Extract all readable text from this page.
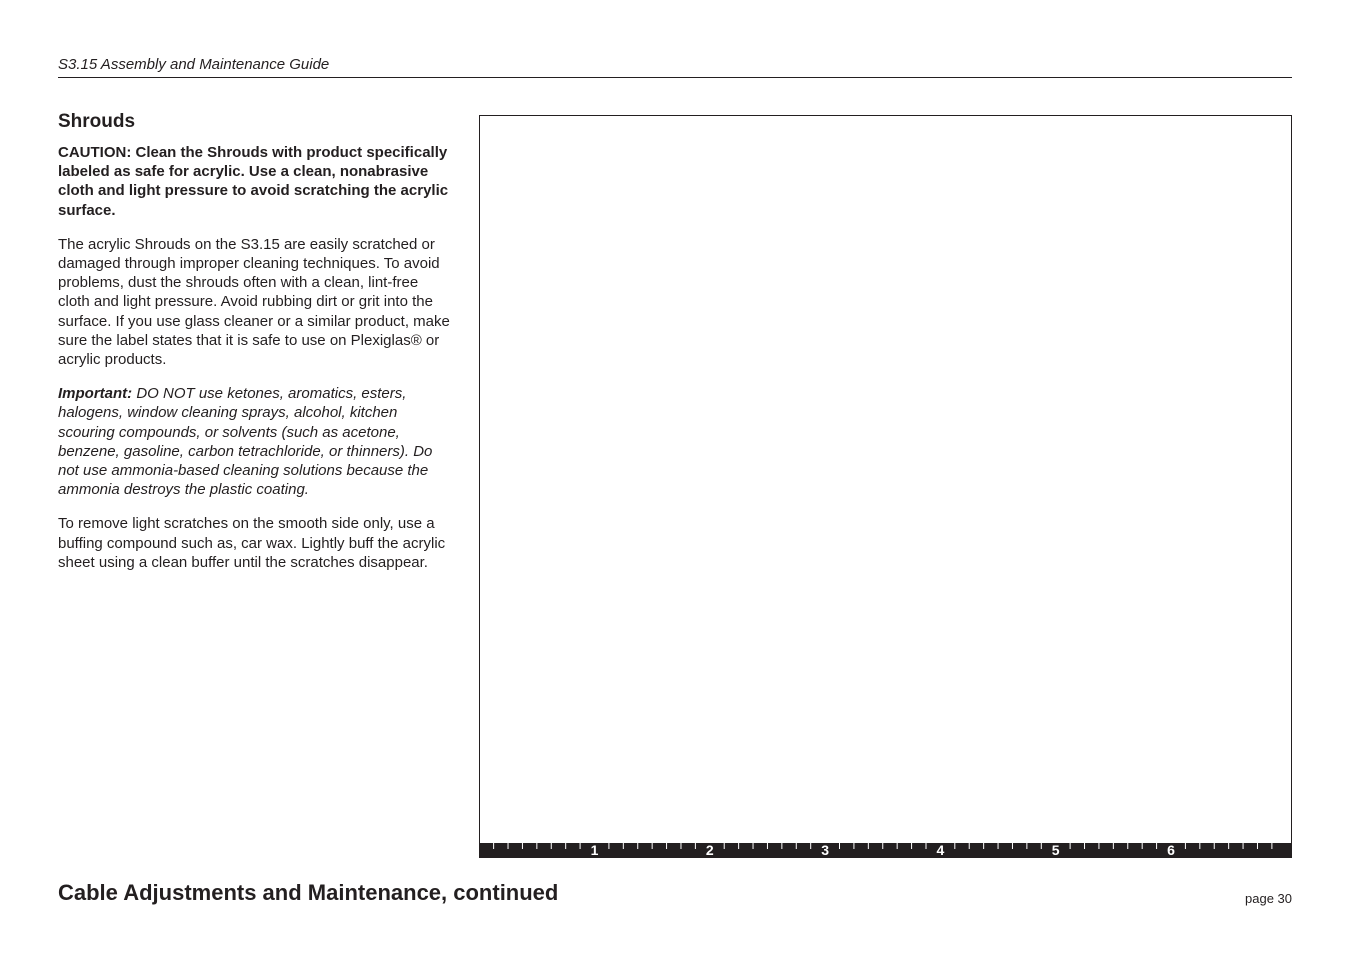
S3.15 Assembly and Maintenance Guide
Shrouds

CAUTION: Clean the Shrouds with product specifically labeled as safe for acrylic. Use a clean, nonabrasive cloth and light pressure to avoid scratching the acrylic surface.

The acrylic Shrouds on the S3.15 are easily scratched or damaged through improper cleaning techniques. To avoid problems, dust the shrouds often with a clean, lint-free cloth and light pressure. Avoid rubbing dirt or grit into the surface. If you use glass cleaner or a similar product, make sure the label states that it is safe to use on Plexiglas® or acrylic products.

Important: DO NOT use ketones, aromatics, esters, halogens, window cleaning sprays, alcohol, kitchen scouring compounds, or solvents (such as acetone, benzene, gasoline, carbon tetrachloride, or thinners). Do not use ammonia-based cleaning solutions because the ammonia destroys the plastic coating.

To remove light scratches on the smooth side only, use a buffing compound such as, car wax. Lightly buff the acrylic sheet using a clean buffer until the scratches disappear.

1	2	3	4	5	6
Cable Adjustments and Maintenance, continued	page 30
